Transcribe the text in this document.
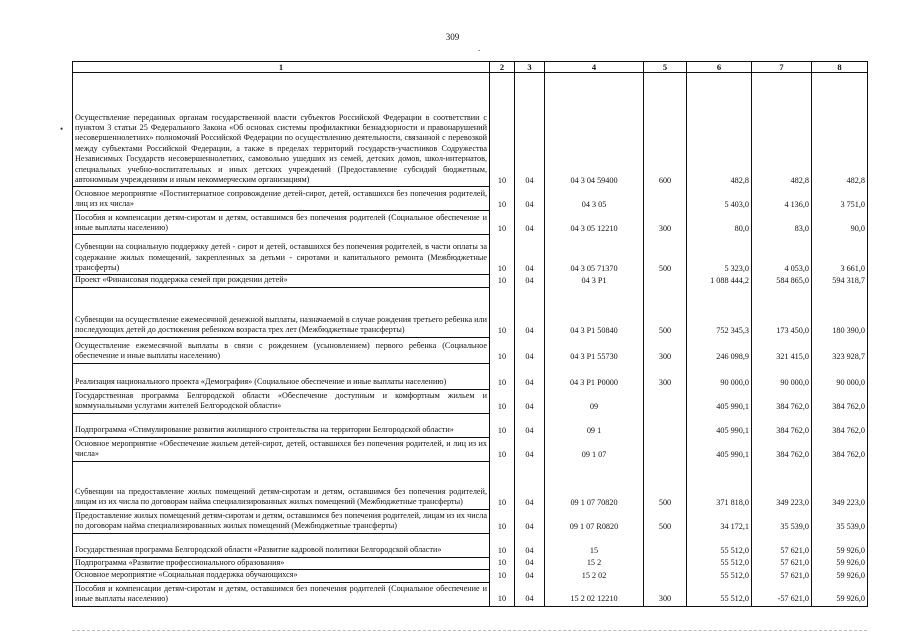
309
.
•
1	2	3	4	5	6	7	8
Осуществление переданных органам государственной власти субъектов Российской Федерации в соответствии с пунктом 3 статьи 25 Федерального Закона «Об основах системы профилактики безнадзорности и правонарушений несовершеннолетних» полномочий Российской Федерации по осуществлению деятельности, связанной с перевозкой между субъектами Российской Федерации, а также в пределах территорий государств-участников Содружества Независимых Государств несовершеннолетних, самовольно ушедших из семей, детских домов, школ-интернатов, специальных учебно-воспитательных и иных детских учреждений (Предоставление субсидий бюджетным, автономным учреждениям и иным некоммерческим организациям)	10	04	04 3 04 59400	600	482,8	482,8	482,8
Основное мероприятие «Постинтернатное сопровождение детей-сирот, детей, оставшихся без попечения родителей, лиц из их числа»	10	04	04 3 05		5 403,0	4 136,0	3 751,0
Пособия и компенсации детям-сиротам и детям, оставшимся без попечения родителей (Социальное обеспечение и иные выплаты населению)	10	04	04 3 05 12210	300	80,0	83,0	90,0
Субвенции на социальную поддержку детей - сирот и детей, оставшихся без попечения родителей, в части оплаты за содержание жилых помещений, закрепленных за детьми - сиротами и капитального ремонта (Межбюджетные трансферты)	10	04	04 3 05 71370	500	5 323,0	4 053,0	3 661,0
Проект «Финансовая поддержка семей при рождении детей»	10	04	04 3 P1		1 088 444,2	584 865,0	594 318,7
Субвенции на осуществление ежемесячной денежной выплаты, назначаемой в случае рождения третьего ребенка или последующих детей до достижения ребенком возраста трех лет (Межбюджетные трансферты)	10	04	04 3 P1 50840	500	752 345,3	173 450,0	180 390,0
Осуществление ежемесячной выплаты в связи с рождением (усыновлением) первого ребенка (Социальное обеспечение и иные выплаты населению)	10	04	04 3 P1 55730	300	246 098,9	321 415,0	323 928,7
Реализация национального проекта «Демография» (Социальное обеспечение и иные выплаты населению)	10	04	04 3 P1 P0000	300	90 000,0	90 000,0	90 000,0
Государственная программа Белгородской области «Обеспечение доступным и комфортным жильем и коммунальными услугами жителей Белгородской области»	10	04	09		405 990,1	384 762,0	384 762,0
Подпрограмма «Стимулирование развития жилищного строительства на территории Белгородской области»	10	04	09 1		405 990,1	384 762,0	384 762,0
Основное мероприятие «Обеспечение жильем детей-сирот, детей, оставшихся без попечения родителей, и лиц из их числа»	10	04	09 1 07		405 990,1	384 762,0	384 762,0
Субвенции на предоставление жилых помещений детям-сиротам и детям, оставшимся без попечения родителей, лицам из их числа по договорам найма специализированных жилых помещений (Межбюджетные трансферты)	10	04	09 1 07 70820	500	371 818,0	349 223,0	349 223,0
Предоставление жилых помещений детям-сиротам и детям, оставшимся без попечения родителей, лицам из их числа по договорам найма специализированных жилых помещений (Межбюджетные трансферты)	10	04	09 1 07 R0820	500	34 172,1	35 539,0	35 539,0
Государственная программа Белгородской области «Развитие кадровой политики Белгородской области»	10	04	15		55 512,0	57 621,0	59 926,0
Подпрограмма «Развитие профессионального образования»	10	04	15 2		55 512,0	57 621,0	59 926,0
Основное мероприятие «Социальная поддержка обучающихся»	10	04	15 2 02		55 512,0	57 621,0	59 926,0
Пособия и компенсации детям-сиротам и детям, оставшимся без попечения родителей (Социальное обеспечение и иные выплаты населению)	10	04	15 2 02 12210	300	55 512,0	-57 621,0	59 926,0
